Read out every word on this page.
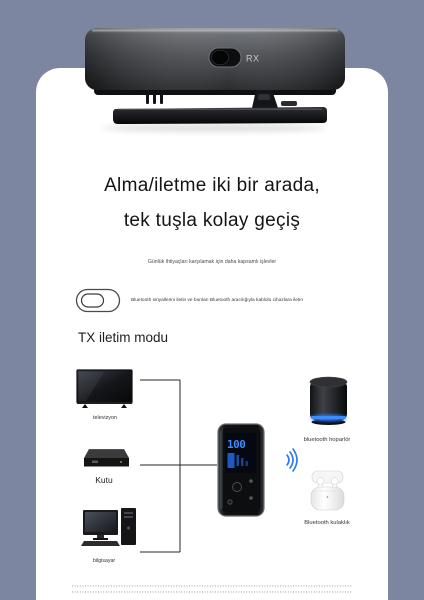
RX
100

Alma/iletme iki bir arada,

tek tuşla kolay geçiş

Günlük ihtiyaçları karşılamak için daha kapsamlı işlevler

Bluetooth sinyallerini iletin ve bunları Bluetooth aracılığıyla kablolu cihazlara iletin

TX iletim modu

televizyon

Kutu

bilgisayar

bluetooth hoparlör

Bluetooth kulaklık
